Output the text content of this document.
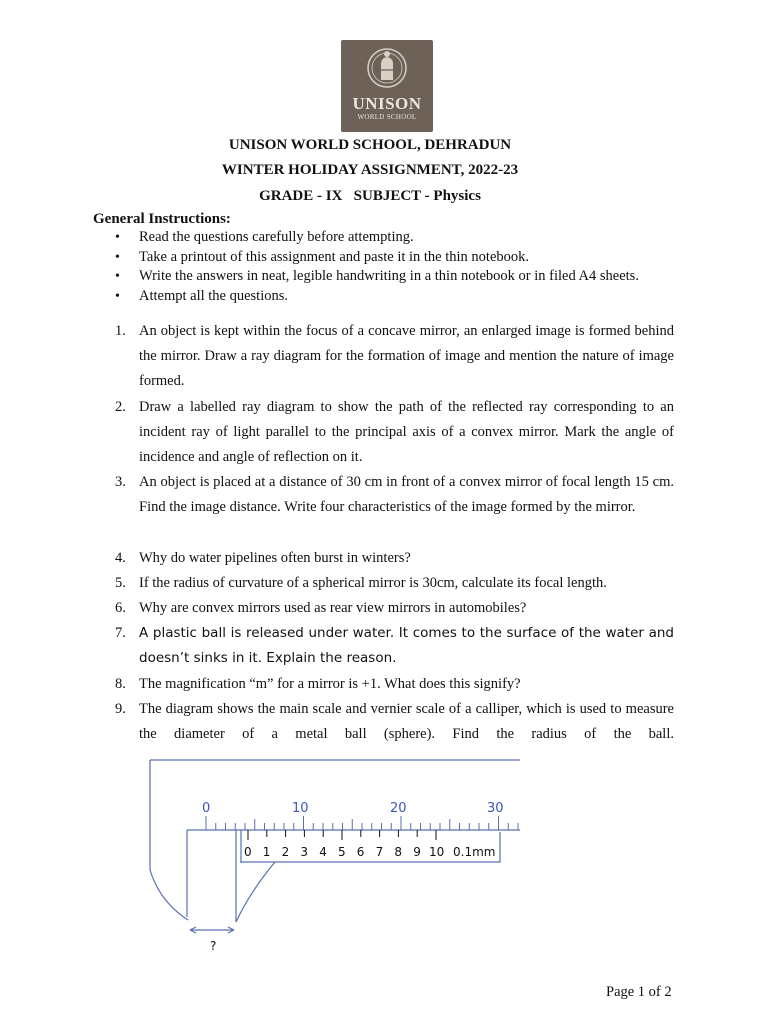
UNISON
WORLD SCHOOL
UNISON WORLD SCHOOL, DEHRADUN
WINTER HOLIDAY ASSIGNMENT, 2022-23
GRADE - IX   SUBJECT - Physics
General Instructions:
• Read the questions carefully before attempting.
• Take a printout of this assignment and paste it in the thin notebook.
• Write the answers in neat, legible handwriting in a thin notebook or in filed A4 sheets.
• Attempt all the questions.
1. An object is kept within the focus of a concave mirror, an enlarged image is formed behind the mirror. Draw a ray diagram for the formation of image and mention the nature of image formed.
2. Draw a labelled ray diagram to show the path of the reflected ray corresponding to an incident ray of light parallel to the principal axis of a convex mirror. Mark the angle of incidence and angle of reflection on it.
3. An object is placed at a distance of 30 cm in front of a convex mirror of focal length 15 cm. Find the image distance. Write four characteristics of the image formed by the mirror.
4. Why do water pipelines often burst in winters?
5. If the radius of curvature of a spherical mirror is 30cm, calculate its focal length.
6. Why are convex mirrors used as rear view mirrors in automobiles?
7. A plastic ball is released under water. It comes to the surface of the water and doesn’t sinks in it. Explain the reason.
8. The magnification “m” for a mirror is +1. What does this signify?
9. The diagram shows the main scale and vernier scale of a calliper, which is used to measure the diameter of a metal ball (sphere). Find the radius of the ball.
0	10	20	30
0 1 2 3 4 5 6 7 8 9 10 0.1mm
?
Page 1 of 2
